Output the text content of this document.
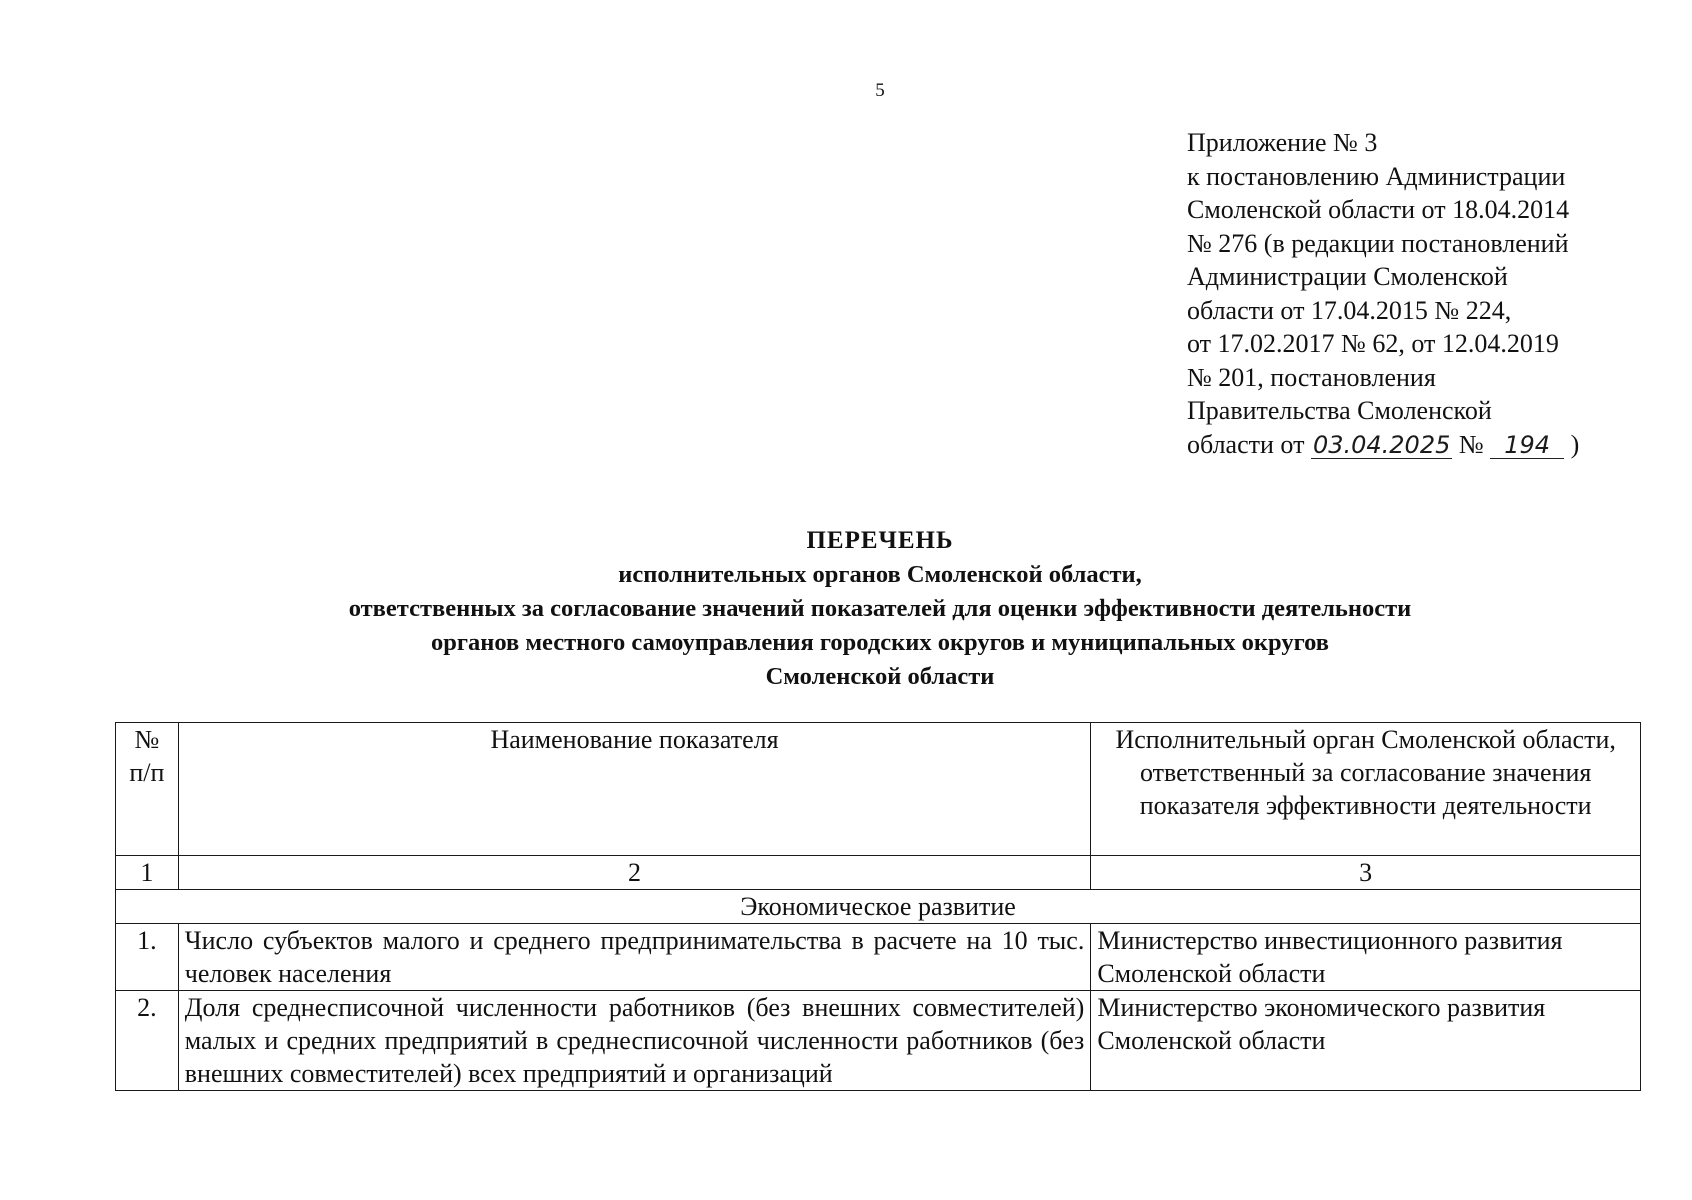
5
Приложение № 3
к постановлению Администрации
Смоленской области от 18.04.2014
№ 276 (в редакции постановлений
Администрации Смоленской
области от 17.04.2015 № 224,
от 17.02.2017 № 62, от 12.04.2019
№ 201, постановления
Правительства Смоленской
области от 03.04.2025 № 194 )
ПЕРЕЧЕНЬ
исполнительных органов Смоленской области,
ответственных за согласование значений показателей для оценки эффективности деятельности
органов местного самоуправления городских округов и муниципальных округов
Смоленской области
№ п/п	Наименование показателя	Исполнительный орган Смоленской области, ответственный за согласование значения показателя эффективности деятельности
1	2	3
Экономическое развитие		
1.	Число субъектов малого и среднего предпринимательства в расчете на 10 тыс. человек населения	Министерство инвестиционного развития Смоленской области
2.	Доля среднесписочной численности работников (без внешних совместителей) малых и средних предприятий в среднесписочной численности работников (без внешних совместителей) всех предприятий и организаций	Министерство экономического развития Смоленской области
